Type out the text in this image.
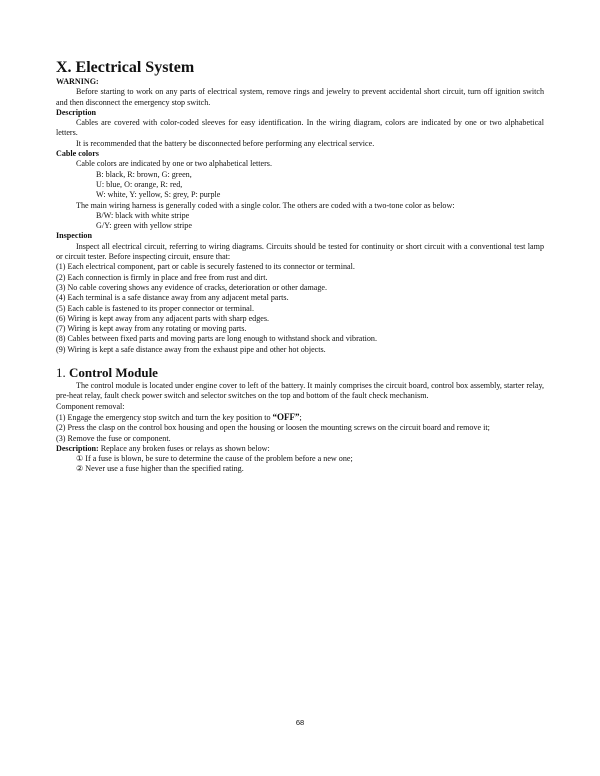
X. Electrical System
WARNING:

Before starting to work on any parts of electrical system, remove rings and jewelry to prevent accidental short circuit, turn off ignition switch and then disconnect the emergency stop switch.

Description

Cables are covered with color-coded sleeves for easy identification. In the wiring diagram, colors are indicated by one or two alphabetical letters.

It is recommended that the battery be disconnected before performing any electrical service.

Cable colors

Cable colors are indicated by one or two alphabetical letters.

B: black, R: brown, G: green,

U: blue, O: orange, R: red,

W: white, Y: yellow, S: grey, P: purple

The main wiring harness is generally coded with a single color. The others are coded with a two-tone color as below:

B/W: black with white stripe

G/Y: green with yellow stripe

Inspection

Inspect all electrical circuit, referring to wiring diagrams. Circuits should be tested for continuity or short circuit with a conventional test lamp or circuit tester. Before inspecting circuit, ensure that:

(1) Each electrical component, part or cable is securely fastened to its connector or terminal.

(2) Each connection is firmly in place and free from rust and dirt.

(3) No cable covering shows any evidence of cracks, deterioration or other damage.

(4) Each terminal is a safe distance away from any adjacent metal parts.

(5) Each cable is fastened to its proper connector or terminal.

(6) Wiring is kept away from any adjacent parts with sharp edges.

(7) Wiring is kept away from any rotating or moving parts.

(8) Cables between fixed parts and moving parts are long enough to withstand shock and vibration.

(9) Wiring is kept a safe distance away from the exhaust pipe and other hot objects.

1. Control Module

The control module is located under engine cover to left of the battery. It mainly comprises the circuit board, control box assembly, starter relay, pre-heat relay, fault check power switch and selector switches on the top and bottom of the fault check mechanism.

Component removal:

(1) Engage the emergency stop switch and turn the key position to “OFF”;

(2) Press the clasp on the control box housing and open the housing or loosen the mounting screws on the circuit board and remove it;

(3) Remove the fuse or component.

Description: Replace any broken fuses or relays as shown below:

① If a fuse is blown, be sure to determine the cause of the problem before a new one;

② Never use a fuse higher than the specified rating.

68
